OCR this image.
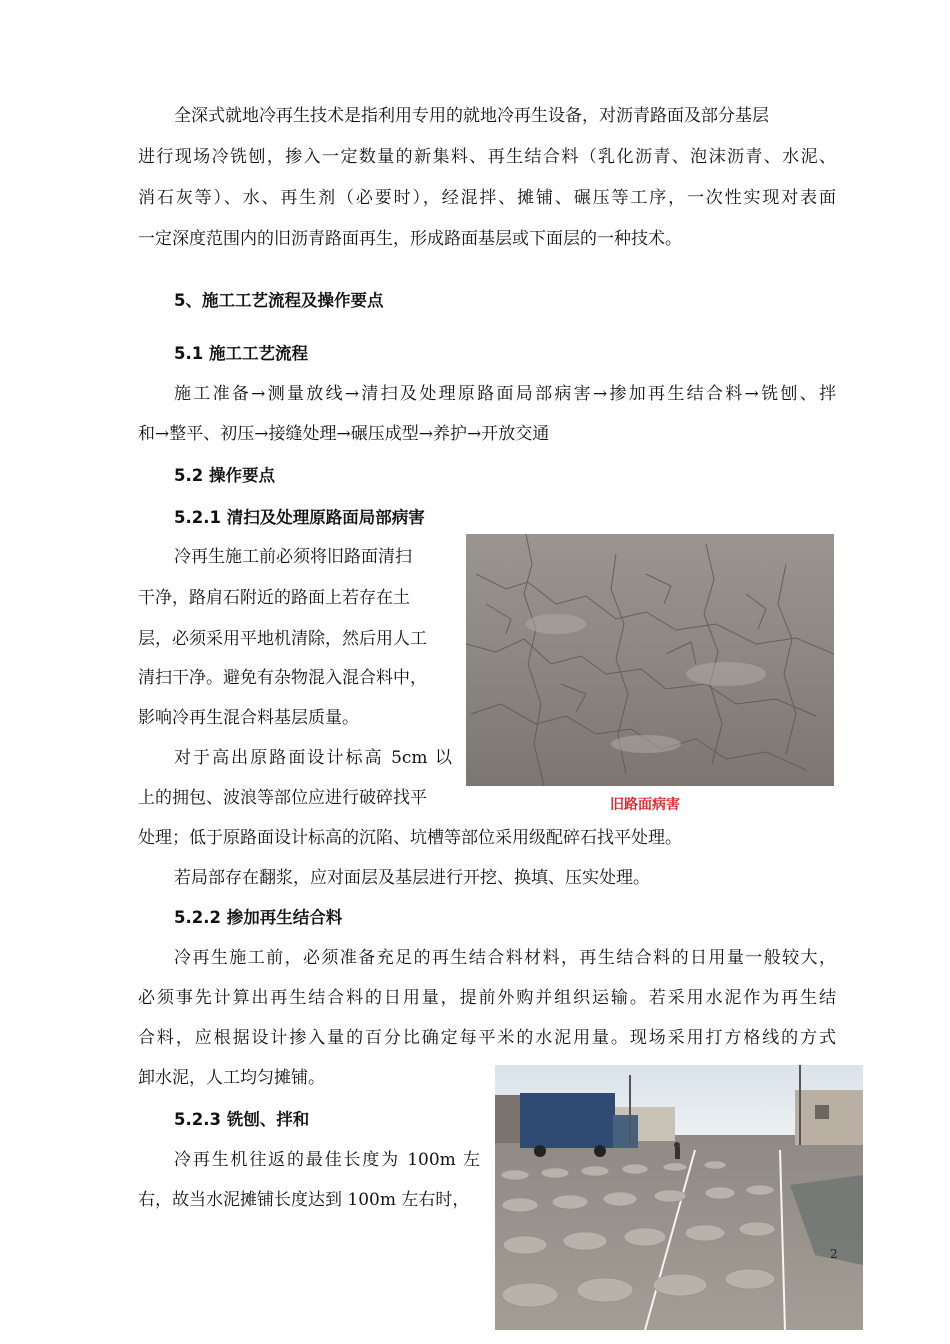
全深式就地冷再生技术是指利用专用的就地冷再生设备，对沥青路面及部分基层
进行现场冷铣刨，掺入一定数量的新集料、再生结合料（乳化沥青、泡沫沥青、水泥、
消石灰等）、水、再生剂（必要时），经混拌、摊铺、碾压等工序，一次性实现对表面
一定深度范围内的旧沥青路面再生，形成路面基层或下面层的一种技术。
5、施工工艺流程及操作要点
5.1 施工工艺流程
施工准备→测量放线→清扫及处理原路面局部病害→掺加再生结合料→铣刨、拌
和→整平、初压→接缝处理→碾压成型→养护→开放交通
5.2 操作要点
5.2.1 清扫及处理原路面局部病害
冷再生施工前必须将旧路面清扫
干净，路肩石附近的路面上若存在土
层，必须采用平地机清除，然后用人工
清扫干净。避免有杂物混入混合料中，
影响冷再生混合料基层质量。
对于高出原路面设计标高 5cm 以
上的拥包、波浪等部位应进行破碎找平
处理；低于原路面设计标高的沉陷、坑槽等部位采用级配碎石找平处理。
若局部存在翻浆，应对面层及基层进行开挖、换填、压实处理。
旧路面病害
5.2.2 掺加再生结合料
冷再生施工前，必须准备充足的再生结合料材料，再生结合料的日用量一般较大，
必须事先计算出再生结合料的日用量，提前外购并组织运输。若采用水泥作为再生结
合料，应根据设计掺入量的百分比确定每平米的水泥用量。现场采用打方格线的方式
卸水泥，人工均匀摊铺。
5.2.3 铣刨、拌和
冷再生机往返的最佳长度为 100m 左
右，故当水泥摊铺长度达到 100m 左右时，
2
